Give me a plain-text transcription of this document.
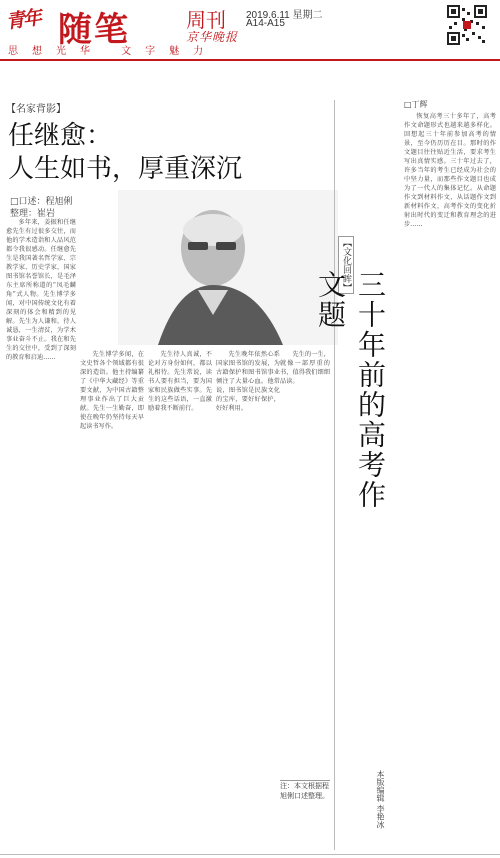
青年 随笔	周刊
京华晚报
2019.6.11 星期二
A14-A15
思想光华 文字魅力
【名家背影】
任继愈：
人生如书，厚重深沉
□口述：程旭俐
整理：崔岩

多年来，姜振和任继愈先生有过很多交往，而他的学术造诣和人品风范都令我很感动。任继愈先生是我国著名哲学家、宗教学家、历史学家，国家图书馆名誉馆长，是毛泽东主席所称道的“凤毛麟角”式人物。先生博学多闻，对中国传统文化有着深刻的体会和精到的见解。先生为人谦和，待人诚恳，一生清贫，为学术事业奋斗不止。我在和先生的交往中，受到了深刻的教育和启迪……	先生博学多闻，在文史哲各个领域都有很深的造诣。他主持编纂了《中华大藏经》等重要文献，为中国古籍整理事业作出了巨大贡献。先生一生勤奋，即使在晚年仍坚持每天早起读书写作。

先生待人真诚，不论对方身份如何，都以礼相待。先生常说，读书人要有担当，要为国家和民族做些实事。先生的这些话语，一直激励着我不断前行。

先生晚年依然心系国家图书馆的发展，为古籍保护和图书馆事业倾注了大量心血。他常说，图书馆是民族文化的宝库，要好好保护，好好利用。

先生的一生，就像一部厚重的书，值得我们细细品读。

注：本文根据程旭俐口述整理。
【文化回眸】
三十年前的高考作文题
□丁辉

恢复高考三十多年了，高考作文命题形式也越来越多样化。回想起三十年前参加高考的情景，至今仍历历在目。那时的作文题目往往贴近生活，要求考生写出真情实感。三十年过去了，许多当年的考生已经成为社会的中坚力量，而那些作文题目也成为了一代人的集体记忆。从命题作文到材料作文，从话题作文到新材料作文，高考作文的变化折射出时代的变迁和教育理念的进步……

本版编辑 李艳冰
